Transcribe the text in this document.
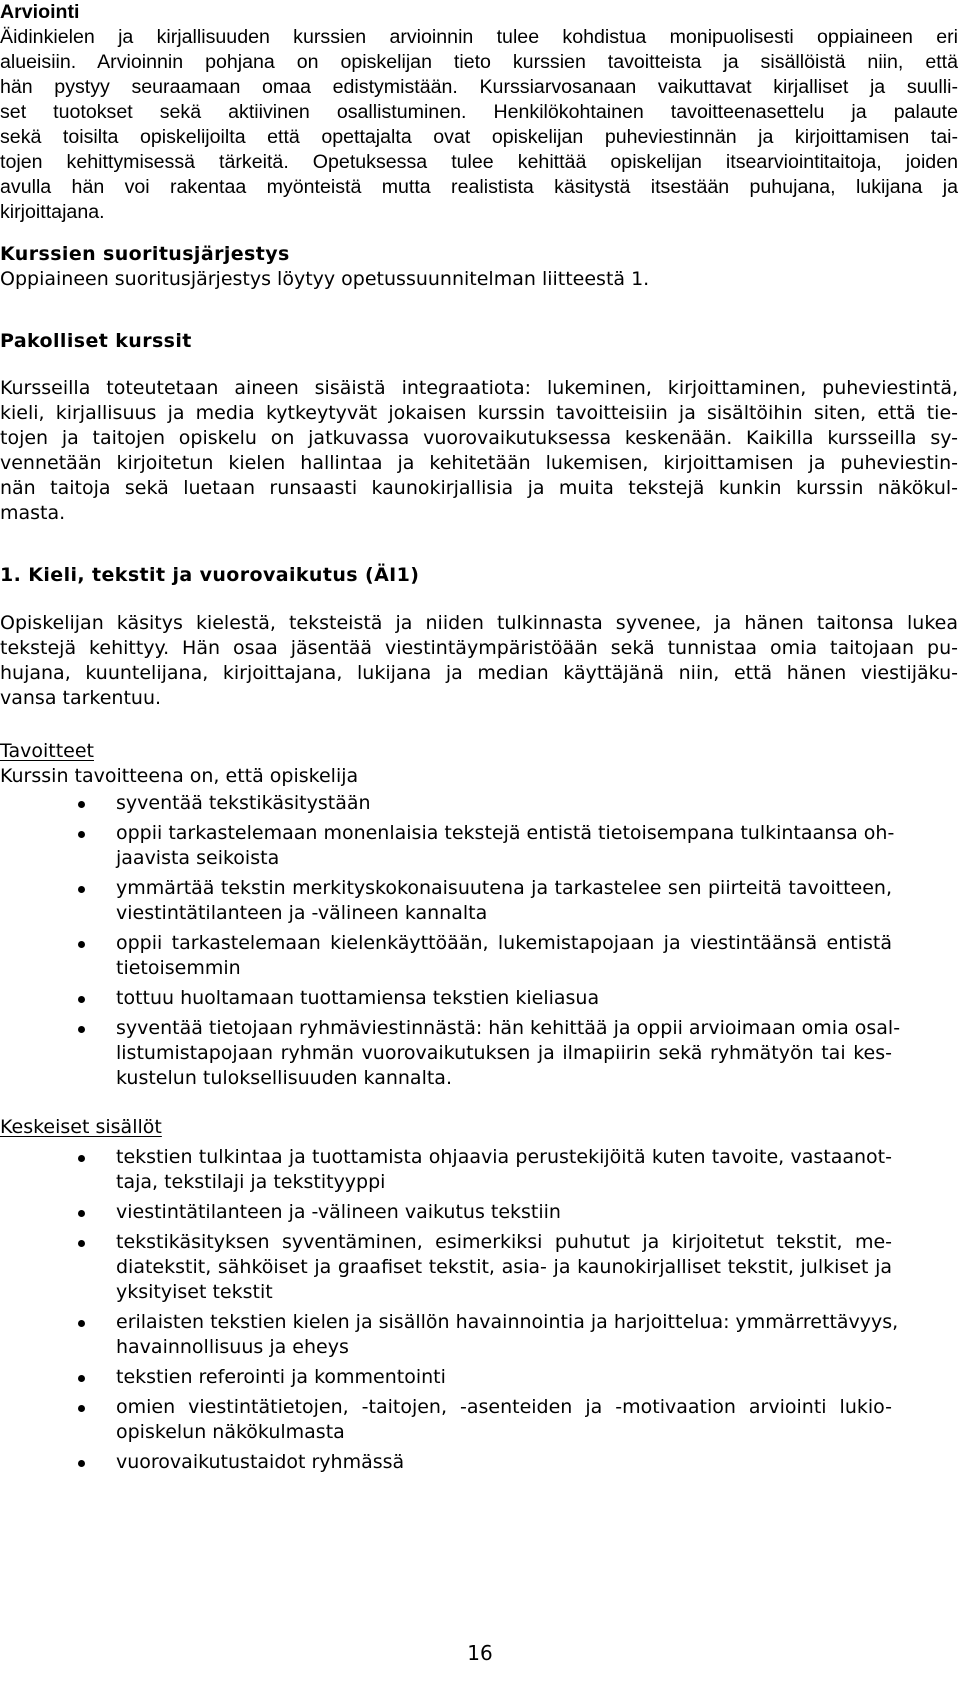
Arviointi
Äidinkielen ja kirjallisuuden kurssien arvioinnin tulee kohdistua monipuolisesti oppiaineen eri
alueisiin. Arvioinnin pohjana on opiskelijan tieto kurssien tavoitteista ja sisällöistä niin, että
hän pystyy seuraamaan omaa edistymistään. Kurssiarvosanaan vaikuttavat kirjalliset ja suulli-
set tuotokset sekä aktiivinen osallistuminen. Henkilökohtainen tavoitteenasettelu ja palaute
sekä toisilta opiskelijoilta että opettajalta ovat opiskelijan puheviestinnän ja kirjoittamisen tai-
tojen kehittymisessä tärkeitä. Opetuksessa tulee kehittää opiskelijan itsearviointitaitoja, joiden
avulla hän voi rakentaa myönteistä mutta realistista käsitystä itsestään puhujana, lukijana ja
kirjoittajana.
Kurssien suoritusjärjestys
Oppiaineen suoritusjärjestys löytyy opetussuunnitelman liitteestä 1.
Pakolliset kurssit
Kursseilla toteutetaan aineen sisäistä integraatiota: lukeminen, kirjoittaminen, puheviestintä,
kieli, kirjallisuus ja media kytkeytyvät jokaisen kurssin tavoitteisiin ja sisältöihin siten, että tie-
tojen ja taitojen opiskelu on jatkuvassa vuorovaikutuksessa keskenään. Kaikilla kursseilla sy-
vennetään kirjoitetun kielen hallintaa ja kehitetään lukemisen, kirjoittamisen ja puheviestin-
nän taitoja sekä luetaan runsaasti kaunokirjallisia ja muita tekstejä kunkin kurssin näkökul-
masta.
1. Kieli, tekstit ja vuorovaikutus (ÄI1)
Opiskelijan käsitys kielestä, teksteistä ja niiden tulkinnasta syvenee, ja hänen taitonsa lukea
tekstejä kehittyy. Hän osaa jäsentää viestintäympäristöään sekä tunnistaa omia taitojaan pu-
hujana, kuuntelijana, kirjoittajana, lukijana ja median käyttäjänä niin, että hänen viestijäku-
vansa tarkentuu.
Tavoitteet
Kurssin tavoitteena on, että opiskelija
syventää tekstikäsitystään
oppii tarkastelemaan monenlaisia tekstejä entistä tietoisempana tulkintaansa oh-
jaavista seikoista
ymmärtää tekstin merkityskokonaisuutena ja tarkastelee sen piirteitä tavoitteen,
viestintätilanteen ja -välineen kannalta
oppii tarkastelemaan kielenkäyttöään, lukemistapojaan ja viestintäänsä entistä
tietoisemmin
tottuu huoltamaan tuottamiensa tekstien kieliasua
syventää tietojaan ryhmäviestinnästä: hän kehittää ja oppii arvioimaan omia osal-
listumistapojaan ryhmän vuorovaikutuksen ja ilmapiirin sekä ryhmätyön tai kes-
kustelun tuloksellisuuden kannalta.
Keskeiset sisällöt
tekstien tulkintaa ja tuottamista ohjaavia perustekijöitä kuten tavoite, vastaanot-
taja, tekstilaji ja tekstityyppi
viestintätilanteen ja -välineen vaikutus tekstiin
tekstikäsityksen syventäminen, esimerkiksi puhutut ja kirjoitetut tekstit, me-
diatekstit, sähköiset ja graafiset tekstit, asia- ja kaunokirjalliset tekstit, julkiset ja
yksityiset tekstit
erilaisten tekstien kielen ja sisällön havainnointia ja harjoittelua: ymmärrettävyys,
havainnollisuus ja eheys
tekstien referointi ja kommentointi
omien viestintätietojen, -taitojen, -asenteiden ja -motivaation arviointi lukio-
opiskelun näkökulmasta
vuorovaikutustaidot ryhmässä
16
